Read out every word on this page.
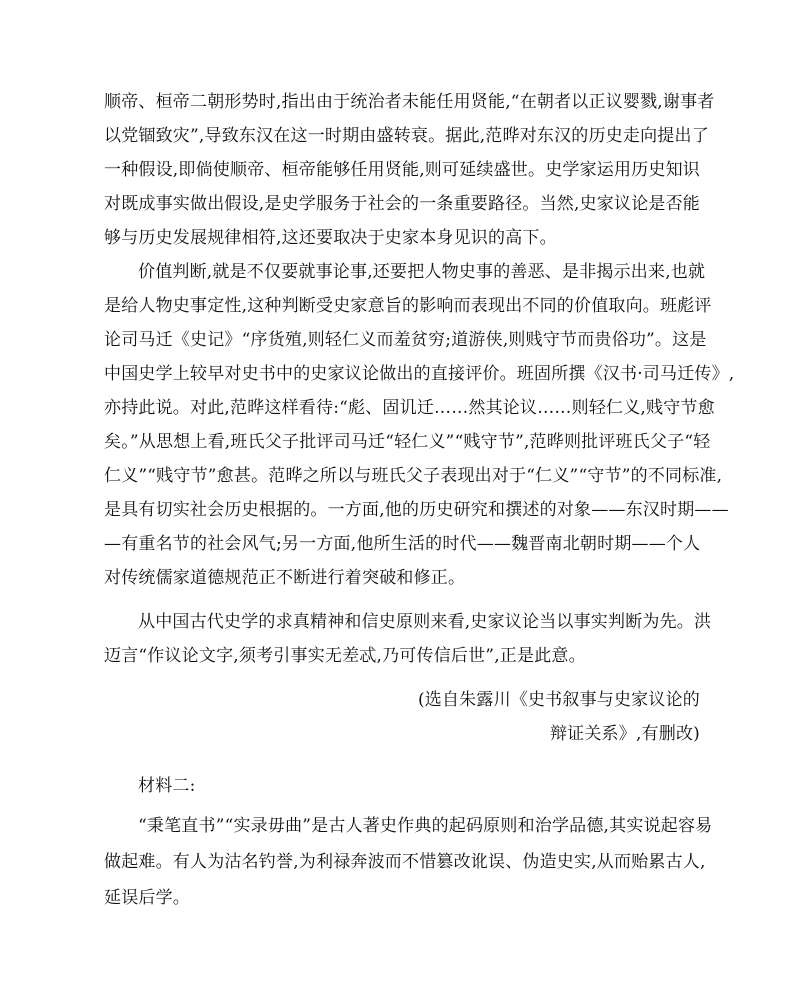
顺帝、桓帝二朝形势时,指出由于统治者未能任用贤能,“在朝者以正议婴戮,谢事者
以党锢致灾”,导致东汉在这一时期由盛转衰。据此,范晔对东汉的历史走向提出了
一种假设,即倘使顺帝、桓帝能够任用贤能,则可延续盛世。史学家运用历史知识
对既成事实做出假设,是史学服务于社会的一条重要路径。当然,史家议论是否能
够与历史发展规律相符,这还要取决于史家本身见识的高下。
价值判断,就是不仅要就事论事,还要把人物史事的善恶、是非揭示出来,也就
是给人物史事定性,这种判断受史家意旨的影响而表现出不同的价值取向。班彪评
论司马迁《史记》“序货殖,则轻仁义而羞贫穷;道游侠,则贱守节而贵俗功”。这是
中国史学上较早对史书中的史家议论做出的直接评价。班固所撰《汉书·司马迁传》,
亦持此说。对此,范晔这样看待:“彪、固讥迁……然其论议……则轻仁义,贱守节愈
矣。”从思想上看,班氏父子批评司马迁“轻仁义”“贱守节”,范晔则批评班氏父子“轻
仁义”“贱守节”愈甚。范晔之所以与班氏父子表现出对于“仁义”“守节”的不同标准,
是具有切实社会历史根据的。一方面,他的历史研究和撰述的对象——东汉时期——
—有重名节的社会风气;另一方面,他所生活的时代——魏晋南北朝时期——个人
对传统儒家道德规范正不断进行着突破和修正。
从中国古代史学的求真精神和信史原则来看,史家议论当以事实判断为先。洪
迈言“作议论文字,须考引事实无差忒,乃可传信后世”,正是此意。
(选自朱露川《史书叙事与史家议论的
辩证关系》,有删改)
材料二:
“秉笔直书”“实录毋曲”是古人著史作典的起码原则和治学品德,其实说起容易
做起难。有人为沽名钓誉,为利禄奔波而不惜篡改讹误、伪造史实,从而贻累古人,
延误后学。
